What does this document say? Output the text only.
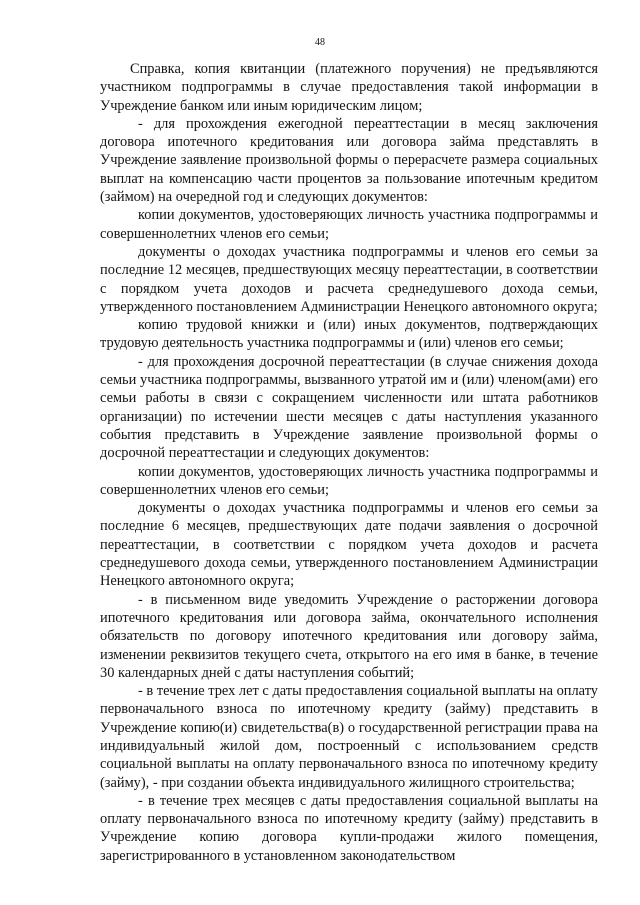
48

Справка, копия квитанции (платежного поручения) не предъявляются участником подпрограммы в случае предоставления такой информации в Учреждение банком или иным юридическим лицом;

- для прохождения ежегодной переаттестации в месяц заключения договора ипотечного кредитования или договора займа представлять в Учреждение заявление произвольной формы о перерасчете размера социальных выплат на компенсацию части процентов за пользование ипотечным кредитом (займом) на очередной год и следующих документов:

копии документов, удостоверяющих личность участника подпрограммы и совершеннолетних членов его семьи;

документы о доходах участника подпрограммы и членов его семьи за последние 12 месяцев, предшествующих месяцу переаттестации, в соответствии с порядком учета доходов и расчета среднедушевого дохода семьи, утвержденного постановлением Администрации Ненецкого автономного округа;

копию трудовой книжки и (или) иных документов, подтверждающих трудовую деятельность участника подпрограммы и (или) членов его семьи;

- для прохождения досрочной переаттестации (в случае снижения дохода семьи участника подпрограммы, вызванного утратой им и (или) членом(ами) его семьи работы в связи с сокращением численности или штата работников организации) по истечении шести месяцев с даты наступления указанного события представить в Учреждение заявление произвольной формы о досрочной переаттестации и следующих документов:

копии документов, удостоверяющих личность участника подпрограммы и совершеннолетних членов его семьи;

документы о доходах участника подпрограммы и членов его семьи за последние 6 месяцев, предшествующих дате подачи заявления о досрочной переаттестации, в соответствии с порядком учета доходов и расчета среднедушевого дохода семьи, утвержденного постановлением Администрации Ненецкого автономного округа;

- в письменном виде уведомить Учреждение о расторжении договора ипотечного кредитования или договора займа, окончательного исполнения обязательств по договору ипотечного кредитования или договору займа, изменении реквизитов текущего счета, открытого на его имя в банке, в течение 30 календарных дней с даты наступления событий;

- в течение трех лет с даты предоставления социальной выплаты на оплату первоначального взноса по ипотечному кредиту (займу) представить в Учреждение копию(и) свидетельства(в) о государственной регистрации права на индивидуальный жилой дом, построенный с использованием средств социальной выплаты на оплату первоначального взноса по ипотечному кредиту (займу), - при создании объекта индивидуального жилищного строительства;

- в течение трех месяцев с даты предоставления социальной выплаты на оплату первоначального взноса по ипотечному кредиту (займу) представить в Учреждение копию договора купли-продажи жилого помещения, зарегистрированного в установленном законодательством
